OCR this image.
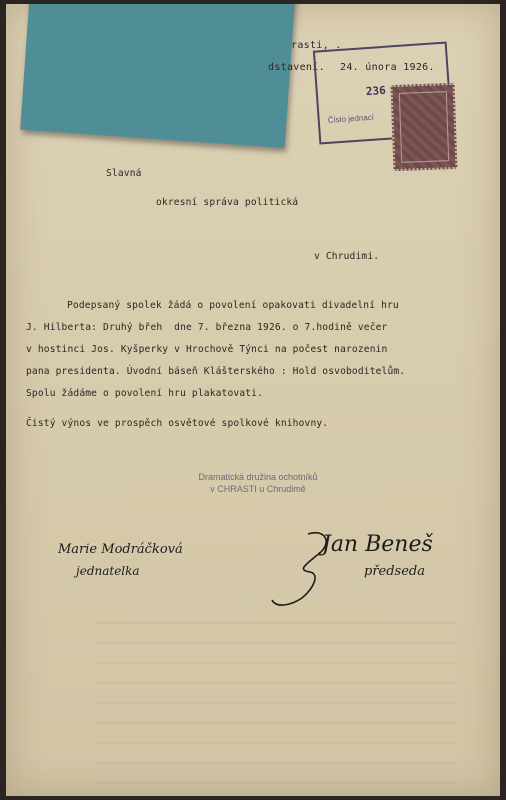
rasti, .
dstavení. 24. února 1926.
236
Číslo jednací
Slavná
okresní správa politická
v Chrudimi.
Podepsaný spolek žádá o povolení opakovati divadelní hru
J. Hilberta: Druhý břeh  dne 7. března 1926. o 7.hodině večer
v hostinci Jos. Kyšperky v Hrochově Týnci na počest narozenin
pana presidenta. Úvodní báseň Klášterského : Hold osvoboditelům.
Spolu žádáme o povolení hru plakatovati.
Čistý výnos ve prospěch osvětové spolkové knihovny.
Dramatická družina ochotníků
v CHRASTI u Chrudimě
Marie Modráčková
jednatelka
Jan Beneš
předseda
